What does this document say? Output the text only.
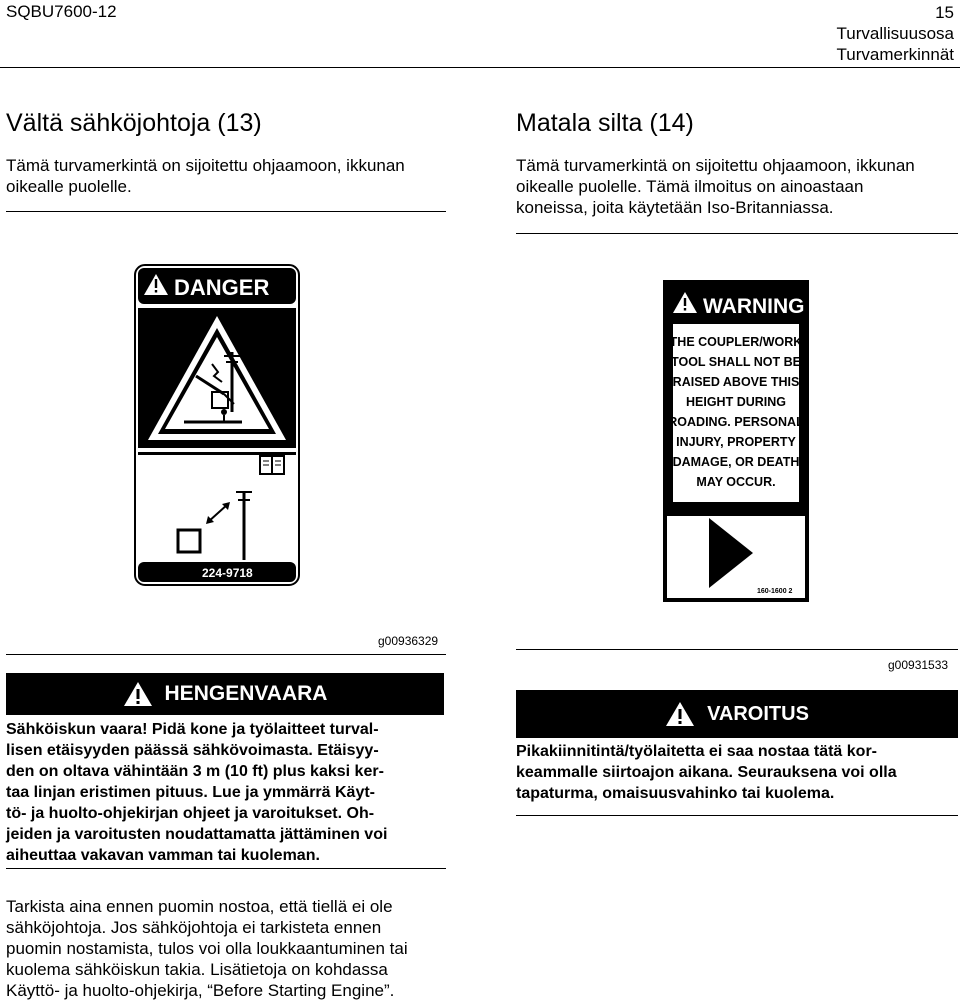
SQBU7600-12	15
Turvallisuusosa
Turvamerkinnät
Vältä sähköjohtoja (13)
Tämä turvamerkintä on sijoitettu ohjaamoon, ikkunan
oikealle puolelle.
DANGER
224-9718
g00936329
HENGENVAARA
Sähköiskun vaara! Pidä kone ja työlaitteet turval-
lisen etäisyyden päässä sähkövoimasta. Etäisyy-
den on oltava vähintään 3 m (10 ft) plus kaksi ker-
taa linjan eristimen pituus. Lue ja ymmärrä Käyt-
tö- ja huolto-ohjekirjan ohjeet ja varoitukset. Oh-
jeiden ja varoitusten noudattamatta jättäminen voi
aiheuttaa vakavan vamman tai kuoleman.
Matala silta (14)
Tämä turvamerkintä on sijoitettu ohjaamoon, ikkunan
oikealle puolelle. Tämä ilmoitus on ainoastaan
koneissa, joita käytetään Iso-Britanniassa.
WARNING
THE COUPLER/WORK
TOOL SHALL NOT BE
RAISED ABOVE THIS
HEIGHT DURING
ROADING. PERSONAL
INJURY, PROPERTY
DAMAGE, OR DEATH
MAY OCCUR.
160-1600 2
g00931533
VAROITUS
Pikakiinnitintä/työlaitetta ei saa nostaa tätä kor-
keammalle siirtoajon aikana. Seurauksena voi olla
tapaturma, omaisuusvahinko tai kuolema.
Tarkista aina ennen puomin nostoa, että tiellä ei ole
sähköjohtoja. Jos sähköjohtoja ei tarkisteta ennen
puomin nostamista, tulos voi olla loukkaantuminen tai
kuolema sähköiskun takia. Lisätietoja on kohdassa
Käyttö- ja huolto-ohjekirja, “Before Starting Engine”.
